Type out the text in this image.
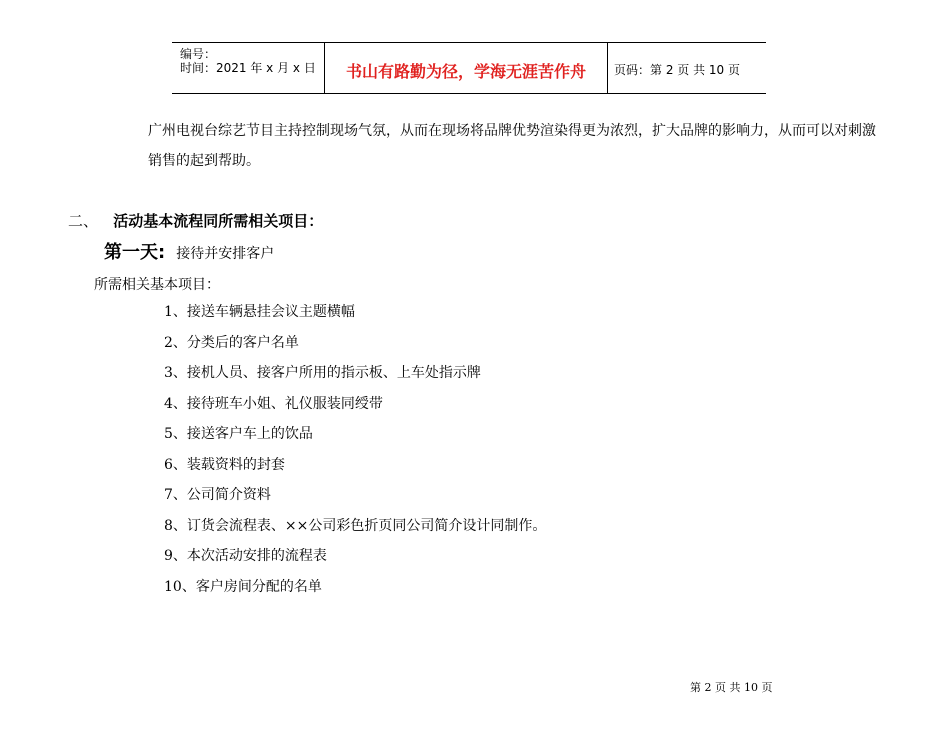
编号：
时间：2021 年 x 月 x 日	书山有路勤为径，学海无涯苦作舟	页码：第 2 页 共 10 页

广州电视台综艺节目主持控制现场气氛，从而在现场将品牌优势渲染得更为浓烈，扩大品牌的影响力，从而可以对刺激销售的起到帮助。

二、 活动基本流程同所需相关项目：
第一天: 接待并安排客户
所需相关基本项目：
1、接送车辆悬挂会议主题横幅
2、分类后的客户名单
3、接机人员、接客户所用的指示板、上车处指示牌
4、接待班车小姐、礼仪服装同绶带
5、接送客户车上的饮品
6、装载资料的封套
7、公司简介资料
8、订货会流程表、××公司彩色折页同公司简介设计同制作。
9、本次活动安排的流程表
10、客户房间分配的名单
第 2 页 共 10 页
